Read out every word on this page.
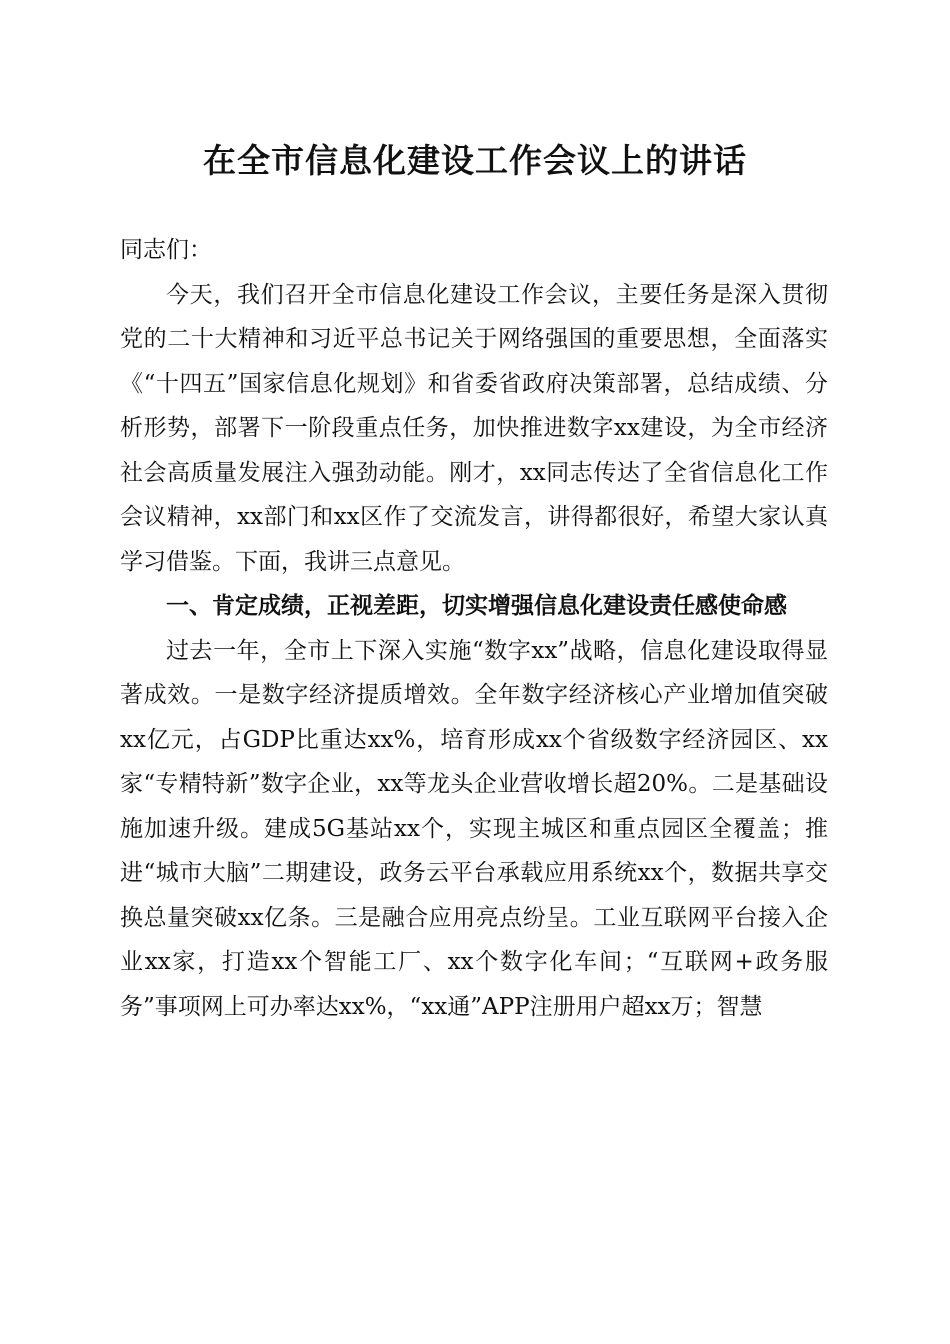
在全市信息化建设工作会议上的讲话

同志们：

今天，我们召开全市信息化建设工作会议，主要任务是深入贯彻党的二十大精神和习近平总书记关于网络强国的重要思想，全面落实《“十四五”国家信息化规划》和省委省政府决策部署，总结成绩、分析形势，部署下一阶段重点任务，加快推进数字xx建设，为全市经济社会高质量发展注入强劲动能。刚才，xx同志传达了全省信息化工作会议精神，xx部门和xx区作了交流发言，讲得都很好，希望大家认真学习借鉴。下面，我讲三点意见。

一、肯定成绩，正视差距，切实增强信息化建设责任感使命感

过去一年，全市上下深入实施“数字xx”战略，信息化建设取得显著成效。一是数字经济提质增效。全年数字经济核心产业增加值突破xx亿元，占GDP比重达xx%，培育形成xx个省级数字经济园区、xx家“专精特新”数字企业，xx等龙头企业营收增长超20%。二是基础设施加速升级。建成5G基站xx个，实现主城区和重点园区全覆盖；推进“城市大脑”二期建设，政务云平台承载应用系统xx个，数据共享交换总量突破xx亿条。三是融合应用亮点纷呈。工业互联网平台接入企业xx家，打造xx个智能工厂、xx个数字化车间；“互联网+政务服务”事项网上可办率达xx%，“xx通”APP注册用户超xx万；智慧
